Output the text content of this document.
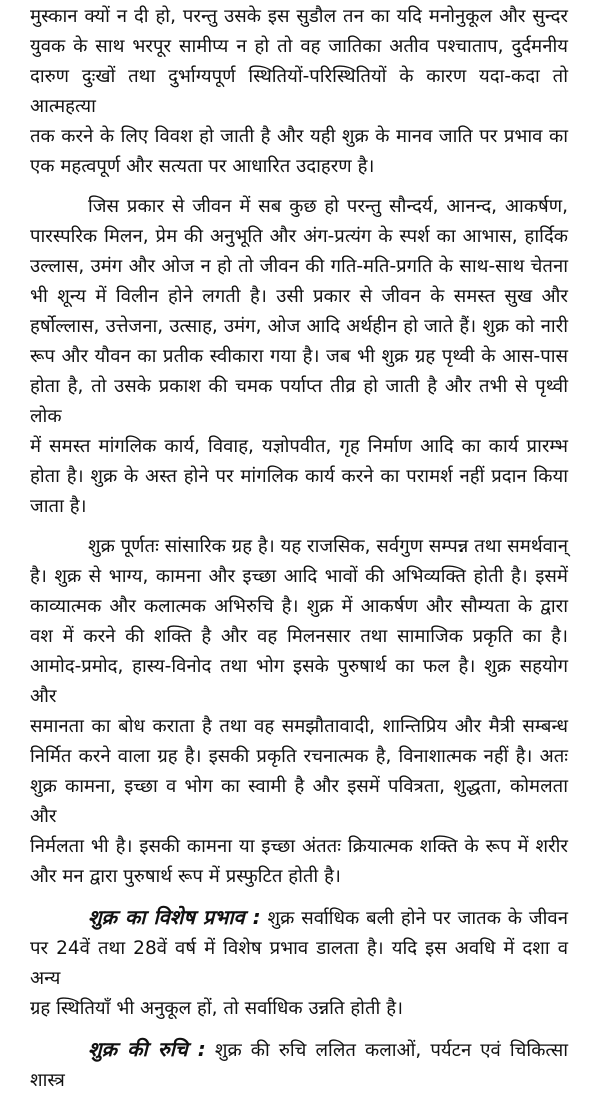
मुस्कान क्यों न दी हो, परन्तु उसके इस सुडौल तन का यदि मनोनुकूल और सुन्दर
युवक के साथ भरपूर सामीप्य न हो तो वह जातिका अतीव पश्चाताप, दुर्दमनीय
दारुण दुःखों तथा दुर्भाग्यपूर्ण स्थितियों-परिस्थितियों के कारण यदा-कदा तो आत्महत्या
तक करने के लिए विवश हो जाती है और यही शुक्र के मानव जाति पर प्रभाव का
एक महत्वपूर्ण और सत्यता पर आधारित उदाहरण है।
जिस प्रकार से जीवन में सब कुछ हो परन्तु सौन्दर्य, आनन्द, आकर्षण,
पारस्परिक मिलन, प्रेम की अनुभूति और अंग-प्रत्यंग के स्पर्श का आभास, हार्दिक
उल्लास, उमंग और ओज न हो तो जीवन की गति-मति-प्रगति के साथ-साथ चेतना
भी शून्य में विलीन होने लगती है। उसी प्रकार से जीवन के समस्त सुख और
हर्षोल्लास, उत्तेजना, उत्साह, उमंग, ओज आदि अर्थहीन हो जाते हैं। शुक्र को नारी
रूप और यौवन का प्रतीक स्वीकारा गया है। जब भी शुक्र ग्रह पृथ्वी के आस-पास
होता है, तो उसके प्रकाश की चमक पर्याप्त तीव्र हो जाती है और तभी से पृथ्वी लोक
में समस्त मांगलिक कार्य, विवाह, यज्ञोपवीत, गृह निर्माण आदि का कार्य प्रारम्भ
होता है। शुक्र के अस्त होने पर मांगलिक कार्य करने का परामर्श नहीं प्रदान किया
जाता है।
शुक्र पूर्णतः सांसारिक ग्रह है। यह राजसिक, सर्वगुण सम्पन्न तथा समर्थवान्
है। शुक्र से भाग्य, कामना और इच्छा आदि भावों की अभिव्यक्ति होती है। इसमें
काव्यात्मक और कलात्मक अभिरुचि है। शुक्र में आकर्षण और सौम्यता के द्वारा
वश में करने की शक्ति है और वह मिलनसार तथा सामाजिक प्रकृति का है।
आमोद-प्रमोद, हास्य-विनोद तथा भोग इसके पुरुषार्थ का फल है। शुक्र सहयोग और
समानता का बोध कराता है तथा वह समझौतावादी, शान्तिप्रिय और मैत्री सम्बन्ध
निर्मित करने वाला ग्रह है। इसकी प्रकृति रचनात्मक है, विनाशात्मक नहीं है। अतः
शुक्र कामना, इच्छा व भोग का स्वामी है और इसमें पवित्रता, शुद्धता, कोमलता और
निर्मलता भी है। इसकी कामना या इच्छा अंततः क्रियात्मक शक्ति के रूप में शरीर
और मन द्वारा पुरुषार्थ रूप में प्रस्फुटित होती है।
शुक्र का विशेष प्रभाव : शुक्र सर्वाधिक बली होने पर जातक के जीवन
पर 24वें तथा 28वें वर्ष में विशेष प्रभाव डालता है। यदि इस अवधि में दशा व अन्य
ग्रह स्थितियाँ भी अनुकूल हों, तो सर्वाधिक उन्नति होती है।
शुक्र की रुचि : शुक्र की रुचि ललित कलाओं, पर्यटन एवं चिकित्सा शास्त्र
